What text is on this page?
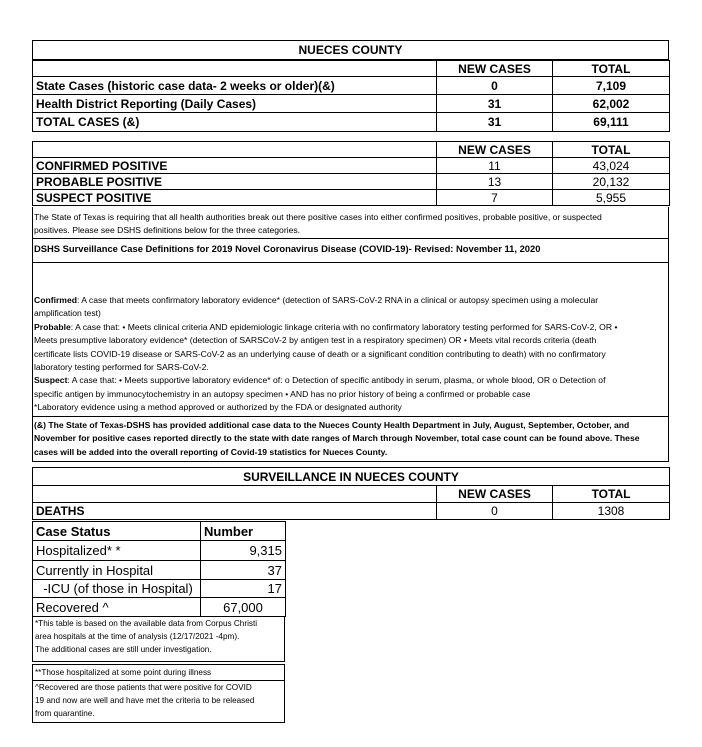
NUECES COUNTY
	NEW CASES	TOTAL
State Cases (historic case data- 2 weeks or older)(&)	0	7,109
Health District Reporting (Daily Cases)	31	62,002
TOTAL CASES (&)	31	69,111
	NEW CASES	TOTAL
CONFIRMED POSITIVE	11	43,024
PROBABLE POSITIVE	13	20,132
SUSPECT POSITIVE	7	5,955
The State of Texas is requiring that all health authorities break out there positive cases into either confirmed positives, probable positive, or suspected
positives. Please see DSHS definitions below for the three categories.
DSHS Surveillance Case Definitions for 2019 Novel Coronavirus Disease (COVID-19)- Revised: November 11, 2020
Confirmed: A case that meets confirmatory laboratory evidence* (detection of SARS-CoV-2 RNA in a clinical or autopsy specimen using a molecular
amplification test)
Probable: A case that: • Meets clinical criteria AND epidemiologic linkage criteria with no confirmatory laboratory testing performed for SARS-CoV-2, OR •
Meets presumptive laboratory evidence* (detection of SARSCoV-2 by antigen test in a respiratory specimen) OR • Meets vital records criteria (death
certificate lists COVID-19 disease or SARS-CoV-2 as an underlying cause of death or a significant condition contributing to death) with no confirmatory
laboratory testing performed for SARS-CoV-2.
Suspect: A case that: • Meets supportive laboratory evidence* of: o Detection of specific antibody in serum, plasma, or whole blood, OR o Detection of
specific antigen by immunocytochemistry in an autopsy specimen • AND has no prior history of being a confirmed or probable case
*Laboratory evidence using a method approved or authorized by the FDA or designated authority
(&) The State of Texas-DSHS has provided additional case data to the Nueces County Health Department in July, August, September, October, and
November for positive cases reported directly to the state with date ranges of March through November, total case count can be found above. These
cases will be added into the overall reporting of Covid-19 statistics for Nueces County.
SURVEILLANCE IN NUECES COUNTY		
	NEW CASES	TOTAL
DEATHS	0	1308
Case Status	Number
Hospitalized* *	9,315
Currently in Hospital	37
-ICU (of those in Hospital)	17
Recovered ^	67,000
*This table is based on the available data from Corpus Christi
area hospitals at the time of analysis (12/17/2021 -4pm).
The additional cases are still under investigation.
**Those hospitalized at some point during illness
^Recovered are those patients that were positive for COVID
19 and now are well and have met the criteria to be released
from quarantine.
